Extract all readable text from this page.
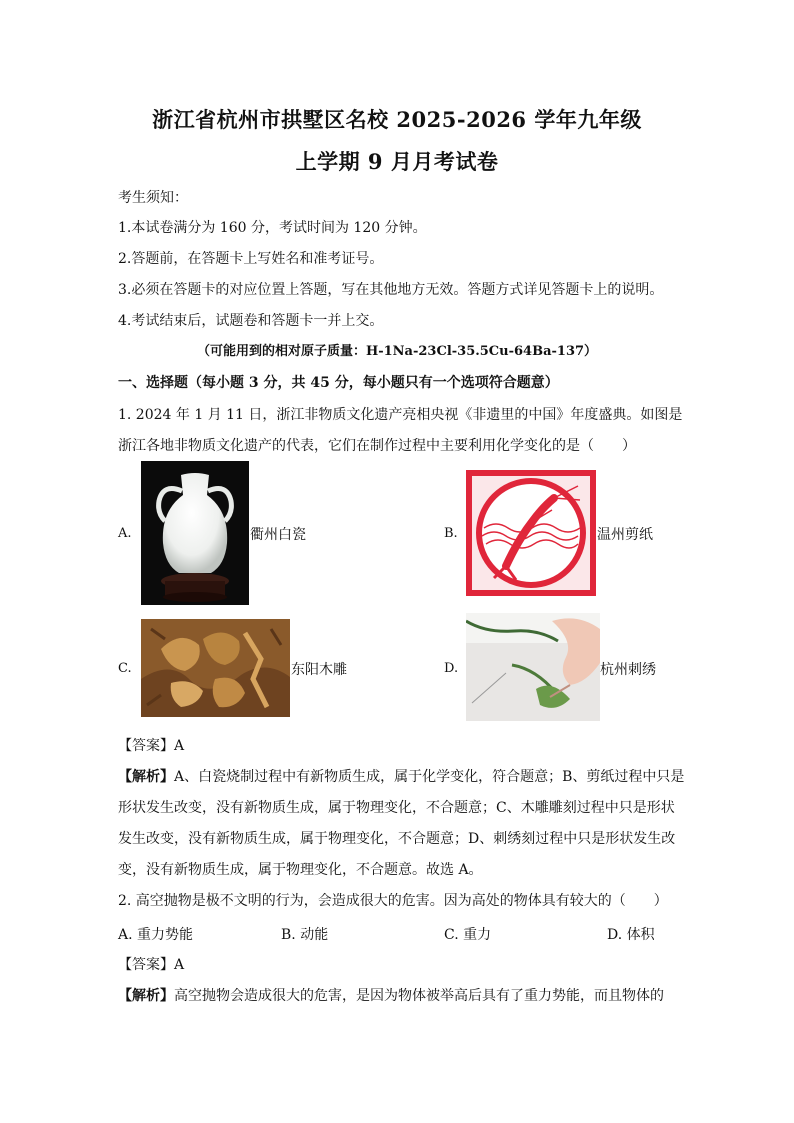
浙江省杭州市拱墅区名校 2025-2026 学年九年级
上学期 9 月月考试卷
考生须知：
1.本试卷满分为 160 分，考试时间为 120 分钟。
2.答题前，在答题卡上写姓名和准考证号。
3.必须在答题卡的对应位置上答题，写在其他地方无效。答题方式详见答题卡上的说明。
4.考试结束后，试题卷和答题卡一并上交。
（可能用到的相对原子质量：H-1Na-23Cl-35.5Cu-64Ba-137）
一、选择题（每小题 3 分，共 45 分，每小题只有一个选项符合题意）
1. 2024 年 1 月 11 日，浙江非物质文化遗产亮相央视《非遗里的中国》年度盛典。如图是
浙江各地非物质文化遗产的代表，它们在制作过程中主要利用化学变化的是（　　）
A.	衢州白瓷	B.	温州剪纸
C.	东阳木雕	D.	杭州刺绣
【答案】A
【解析】A、白瓷烧制过程中有新物质生成，属于化学变化，符合题意；B、剪纸过程中只是
形状发生改变，没有新物质生成，属于物理变化，不合题意；C、木雕雕刻过程中只是形状
发生改变，没有新物质生成，属于物理变化，不合题意；D、刺绣刻过程中只是形状发生改
变，没有新物质生成，属于物理变化，不合题意。故选 A。
2. 高空抛物是极不文明的行为，会造成很大的危害。因为高处的物体具有较大的（　　）
A. 重力势能	B. 动能	C. 重力	D. 体积
【答案】A
【解析】高空抛物会造成很大的危害，是因为物体被举高后具有了重力势能，而且物体的
